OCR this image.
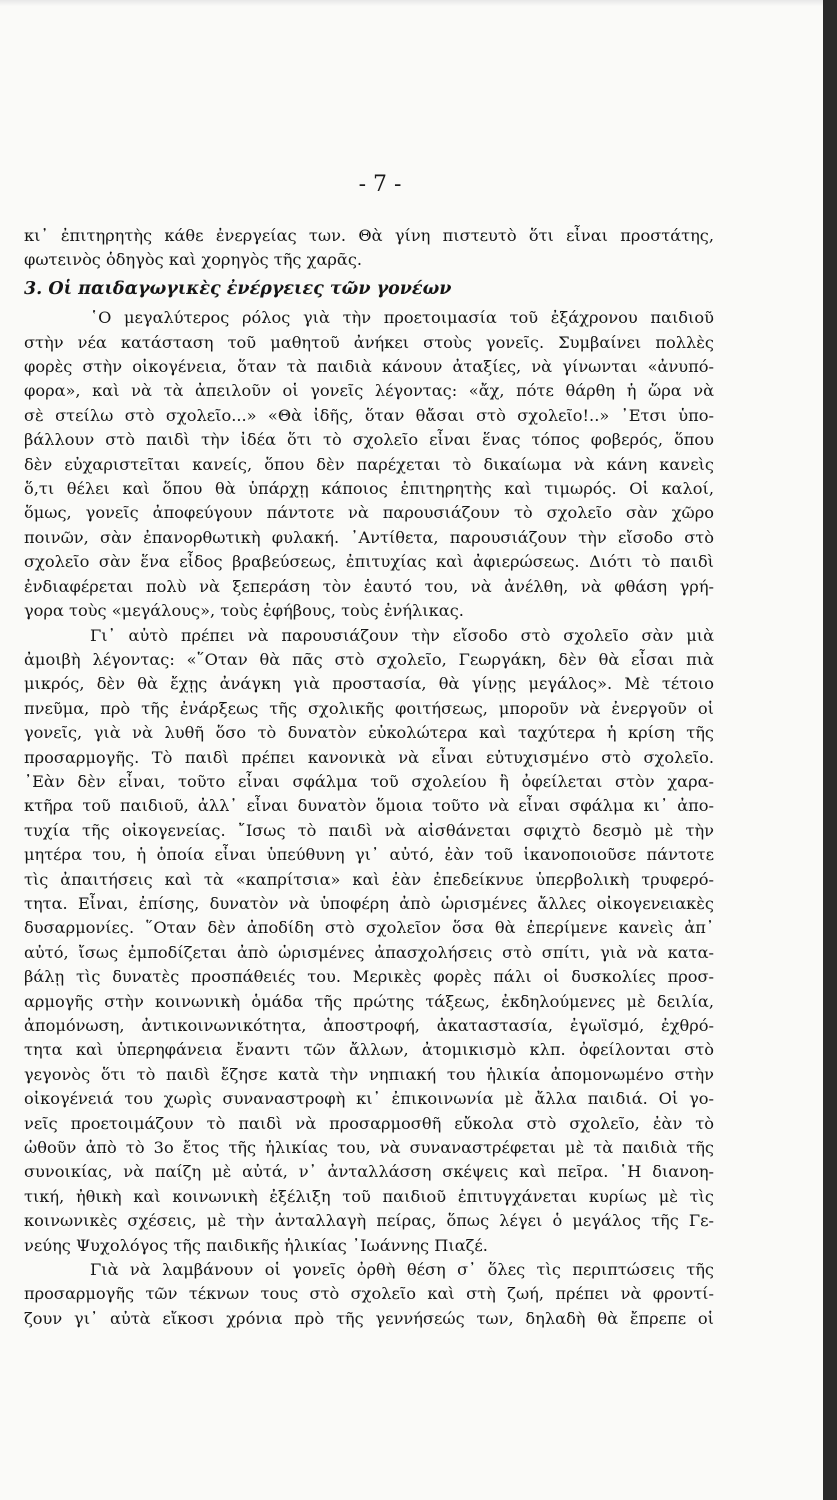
- 7 -
κι᾽ ἐπιτηρητὴς κάθε ἐνεργείας των. Θὰ γίνη πιστευτὸ ὅτι εἶναι προστάτης,
φωτεινὸς ὁδηγὸς καὶ χορηγὸς τῆς χαρᾶς.
3. Οἱ παιδαγωγικὲς ἐνέργειες τῶν γονέων
῾Ο μεγαλύτερος ρόλος γιὰ τὴν προετοιμασία τοῦ ἐξάχρονου παιδιοῦ
στὴν νέα κατάσταση τοῦ μαθητοῦ ἀνήκει στοὺς γονεῖς. Συμβαίνει πολλὲς
φορὲς στὴν οἰκογένεια, ὅταν τὰ παιδιὰ κάνουν ἀταξίες, νὰ γίνωνται «ἀνυπό-
φορα», καὶ νὰ τὰ ἀπειλοῦν οἱ γονεῖς λέγοντας: «ἄχ, πότε θάρθη ἡ ὥρα νὰ
σὲ στείλω στὸ σχολεῖο...» «Θὰ ἰδῆς, ὅταν θἄσαι στὸ σχολεῖο!..» ᾽Ετσι ὑπο-
βάλλουν στὸ παιδὶ τὴν ἰδέα ὅτι τὸ σχολεῖο εἶναι ἕνας τόπος φοβερός, ὅπου
δὲν εὐχαριστεῖται κανείς, ὅπου δὲν παρέχεται τὸ δικαίωμα νὰ κάνη κανεὶς
ὅ,τι θέλει καὶ ὅπου θὰ ὑπάρχῃ κάποιος ἐπιτηρητὴς καὶ τιμωρός. Οἱ καλοί,
ὅμως, γονεῖς ἀποφεύγουν πάντοτε νὰ παρουσιάζουν τὸ σχολεῖο σὰν χῶρο
ποινῶν, σὰν ἐπανορθωτικὴ φυλακή. ᾽Αντίθετα, παρουσιάζουν τὴν εἴσοδο στὸ
σχολεῖο σὰν ἕνα εἶδος βραβεύσεως, ἐπιτυχίας καὶ ἀφιερώσεως. Διότι τὸ παιδὶ
ἐνδιαφέρεται πολὺ νὰ ξεπεράση τὸν ἑαυτό του, νὰ ἀνέλθη, νὰ φθάση γρή-
γορα τοὺς «μεγάλους», τοὺς ἐφήβους, τοὺς ἐνήλικας.
Γι᾽ αὐτὸ πρέπει νὰ παρουσιάζουν τὴν εἴσοδο στὸ σχολεῖο σὰν μιὰ
ἀμοιβὴ λέγοντας: «῞Οταν θὰ πᾶς στὸ σχολεῖο, Γεωργάκη, δὲν θὰ εἶσαι πιὰ
μικρός, δὲν θὰ ἔχῃς ἀνάγκη γιὰ προστασία, θὰ γίνῃς μεγάλος». Μὲ τέτοιο
πνεῦμα, πρὸ τῆς ἐνάρξεως τῆς σχολικῆς φοιτήσεως, μποροῦν νὰ ἐνεργοῦν οἱ
γονεῖς, γιὰ νὰ λυθῆ ὅσο τὸ δυνατὸν εὐκολώτερα καὶ ταχύτερα ἡ κρίση τῆς
προσαρμογῆς. Τὸ παιδὶ πρέπει κανονικὰ νὰ εἶναι εὐτυχισμένο στὸ σχολεῖο.
᾽Εὰν δὲν εἶναι, τοῦτο εἶναι σφάλμα τοῦ σχολείου ἢ ὀφείλεται στὸν χαρα-
κτῆρα τοῦ παιδιοῦ, ἀλλ᾽ εἶναι δυνατὸν ὅμοια τοῦτο νὰ εἶναι σφάλμα κι᾽ ἀπο-
τυχία τῆς οἰκογενείας. ῎Ισως τὸ παιδὶ νὰ αἰσθάνεται σφιχτὸ δεσμὸ μὲ τὴν
μητέρα του, ἡ ὁποία εἶναι ὑπεύθυνη γι᾽ αὐτό, ἐὰν τοῦ ἱκανοποιοῦσε πάντοτε
τὶς ἀπαιτήσεις καὶ τὰ «καπρίτσια» καὶ ἐὰν ἐπεδείκνυε ὑπερβολικὴ τρυφερό-
τητα. Εἶναι, ἐπίσης, δυνατὸν νὰ ὑποφέρη ἀπὸ ὡρισμένες ἄλλες οἰκογενειακὲς
δυσαρμονίες. ῞Οταν δὲν ἀποδίδη στὸ σχολεῖον ὅσα θὰ ἐπερίμενε κανεὶς ἀπ᾽
αὐτό, ἴσως ἐμποδίζεται ἀπὸ ὡρισμένες ἀπασχολήσεις στὸ σπίτι, γιὰ νὰ κατα-
βάλῃ τὶς δυνατὲς προσπάθειές του. Μερικὲς φορὲς πάλι οἱ δυσκολίες προσ-
αρμογῆς στὴν κοινωνικὴ ὁμάδα τῆς πρώτης τάξεως, ἐκδηλούμενες μὲ δειλία,
ἀπομόνωση, ἀντικοινωνικότητα, ἀποστροφή, ἀκαταστασία, ἐγωϊσμό, ἐχθρό-
τητα καὶ ὑπερηφάνεια ἔναντι τῶν ἄλλων, ἀτομικισμὸ κλπ. ὀφείλονται στὸ
γεγονὸς ὅτι τὸ παιδὶ ἔζησε κατὰ τὴν νηπιακή του ἡλικία ἀπομονωμένο στὴν
οἰκογένειά του χωρὶς συναναστροφὴ κι᾽ ἐπικοινωνία μὲ ἄλλα παιδιά. Οἱ γο-
νεῖς προετοιμάζουν τὸ παιδὶ νὰ προσαρμοσθῆ εὔκολα στὸ σχολεῖο, ἐὰν τὸ
ὠθοῦν ἀπὸ τὸ 3ο ἔτος τῆς ἡλικίας του, νὰ συναναστρέφεται μὲ τὰ παιδιὰ τῆς
συνοικίας, νὰ παίζη μὲ αὐτά, ν᾽ ἀνταλλάσση σκέψεις καὶ πεῖρα. ῾Η διανοη-
τική, ἠθικὴ καὶ κοινωνικὴ ἐξέλιξη τοῦ παιδιοῦ ἐπιτυγχάνεται κυρίως μὲ τὶς
κοινωνικὲς σχέσεις, μὲ τὴν ἀνταλλαγὴ πείρας, ὅπως λέγει ὁ μεγάλος τῆς Γε-
νεύης Ψυχολόγος τῆς παιδικῆς ἡλικίας ᾽Ιωάννης Πιαζέ.
Γιὰ νὰ λαμβάνουν οἱ γονεῖς ὀρθὴ θέση σ᾽ ὅλες τὶς περιπτώσεις τῆς
προσαρμογῆς τῶν τέκνων τους στὸ σχολεῖο καὶ στὴ ζωή, πρέπει νὰ φροντί-
ζουν γι᾽ αὐτὰ εἴκοσι χρόνια πρὸ τῆς γεννήσεώς των, δηλαδὴ θὰ ἔπρεπε οἱ
